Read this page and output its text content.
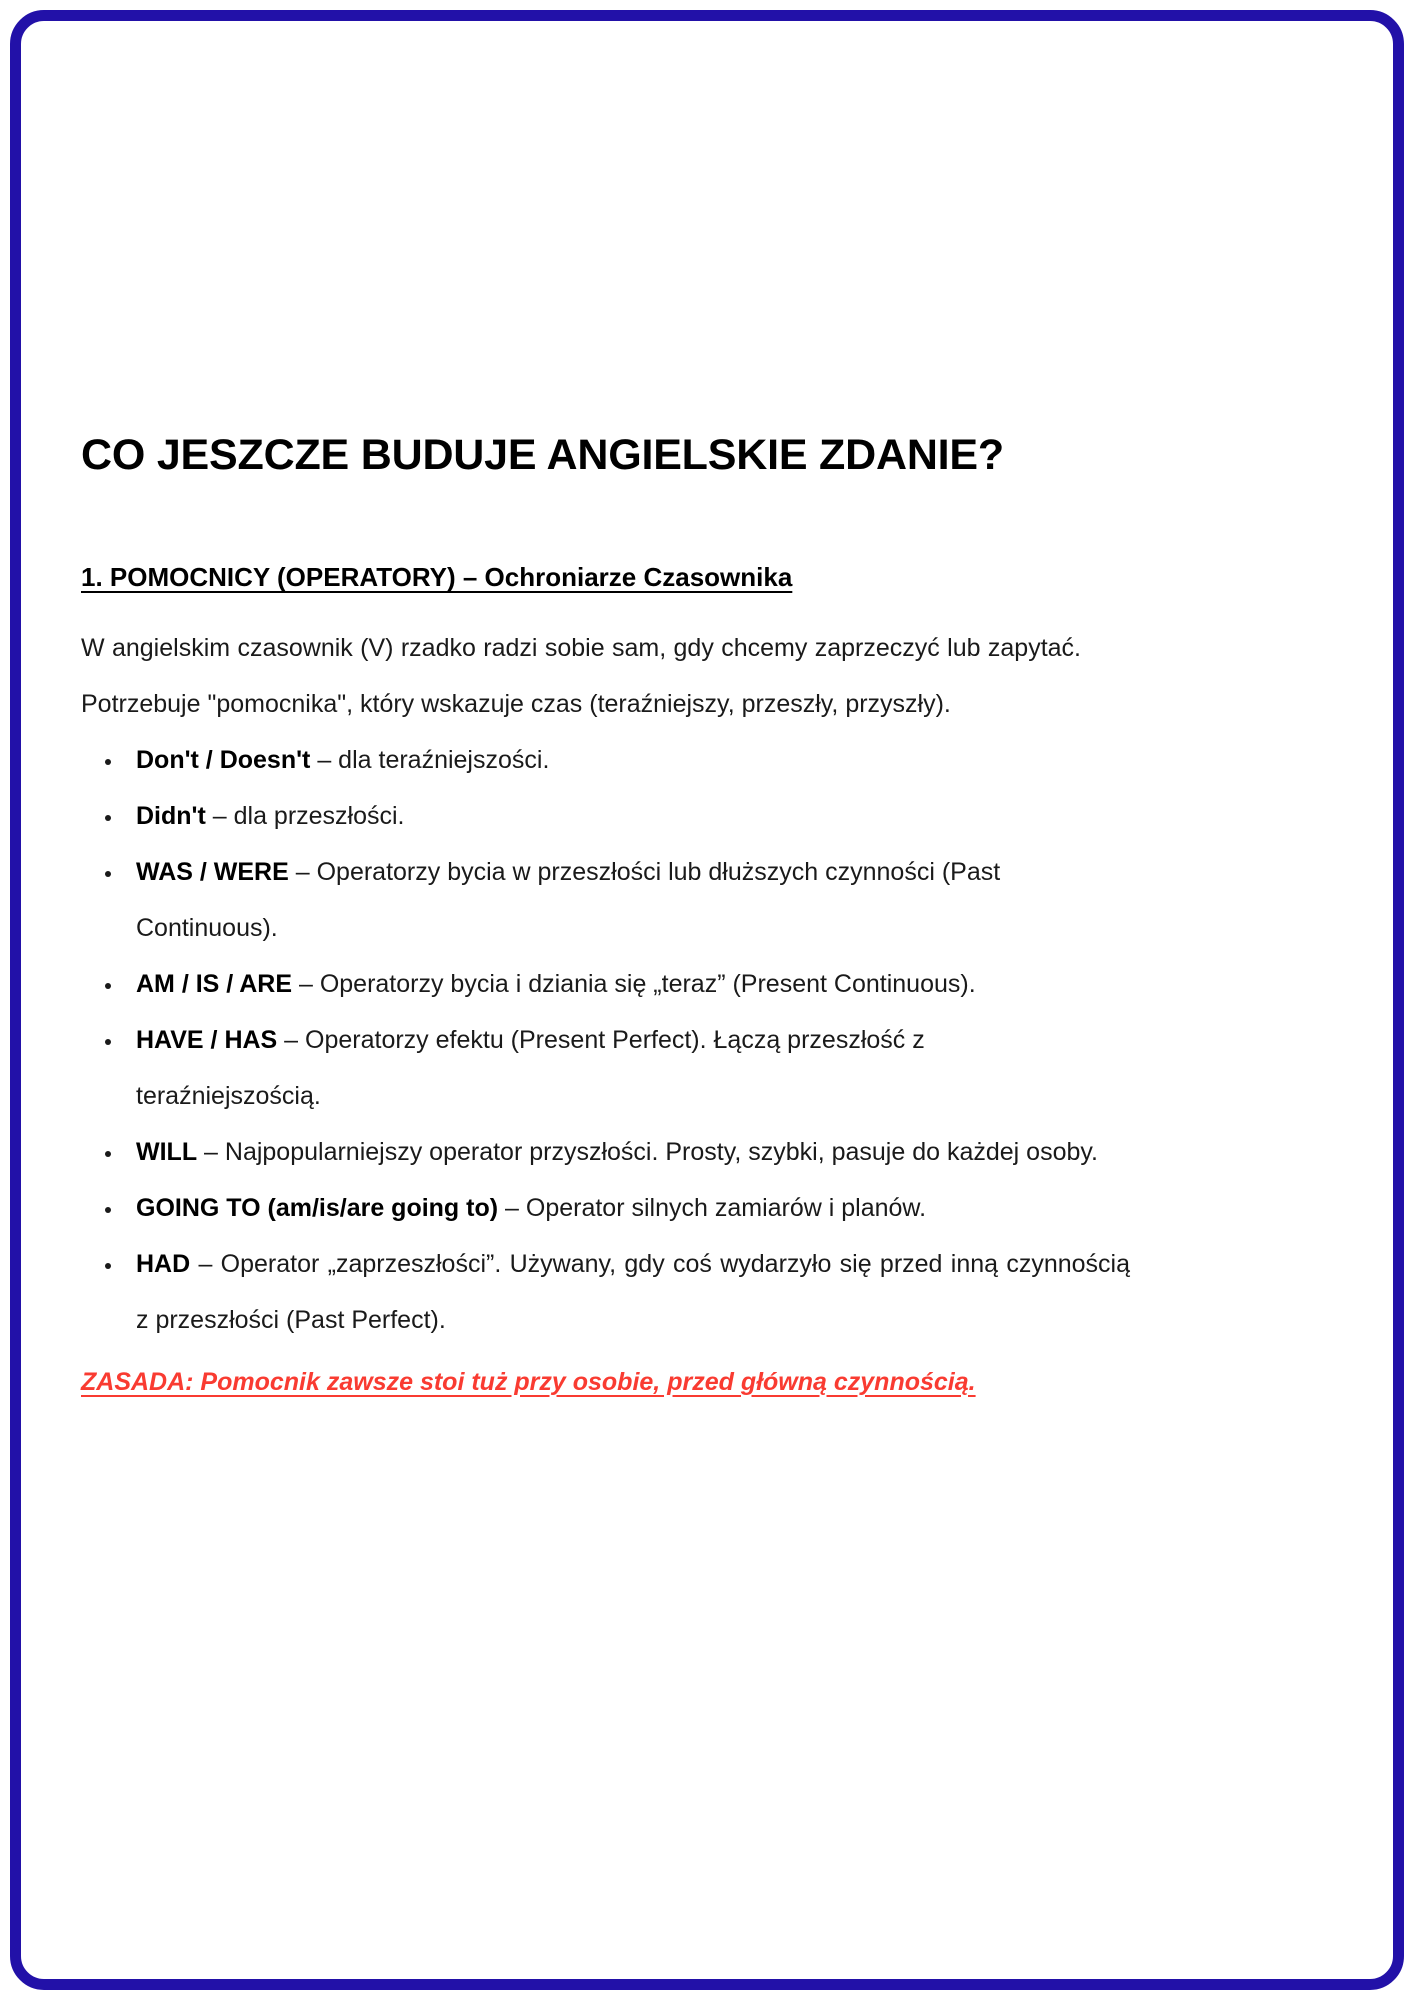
CO JESZCZE BUDUJE ANGIELSKIE ZDANIE?
1. POMOCNICY (OPERATORY) – Ochroniarze Czasownika

W angielskim czasownik (V) rzadko radzi sobie sam, gdy chcemy zaprzeczyć lub zapytać. Potrzebuje "pomocnika", który wskazuje czas (teraźniejszy, przeszły, przyszły).

Don't / Doesn't – dla teraźniejszości.
Didn't – dla przeszłości.
WAS / WERE – Operatorzy bycia w przeszłości lub dłuższych czynności (Past Continuous).
AM / IS / ARE – Operatorzy bycia i dziania się „teraz” (Present Continuous).
HAVE / HAS – Operatorzy efektu (Present Perfect). Łączą przeszłość z teraźniejszością.
WILL – Najpopularniejszy operator przyszłości. Prosty, szybki, pasuje do każdej osoby.
GOING TO (am/is/are going to) – Operator silnych zamiarów i planów.
HAD – Operator „zaprzeszłości”. Używany, gdy coś wydarzyło się przed inną czynnością z przeszłości (Past Perfect).

ZASADA: Pomocnik zawsze stoi tuż przy osobie, przed główną czynnością.
